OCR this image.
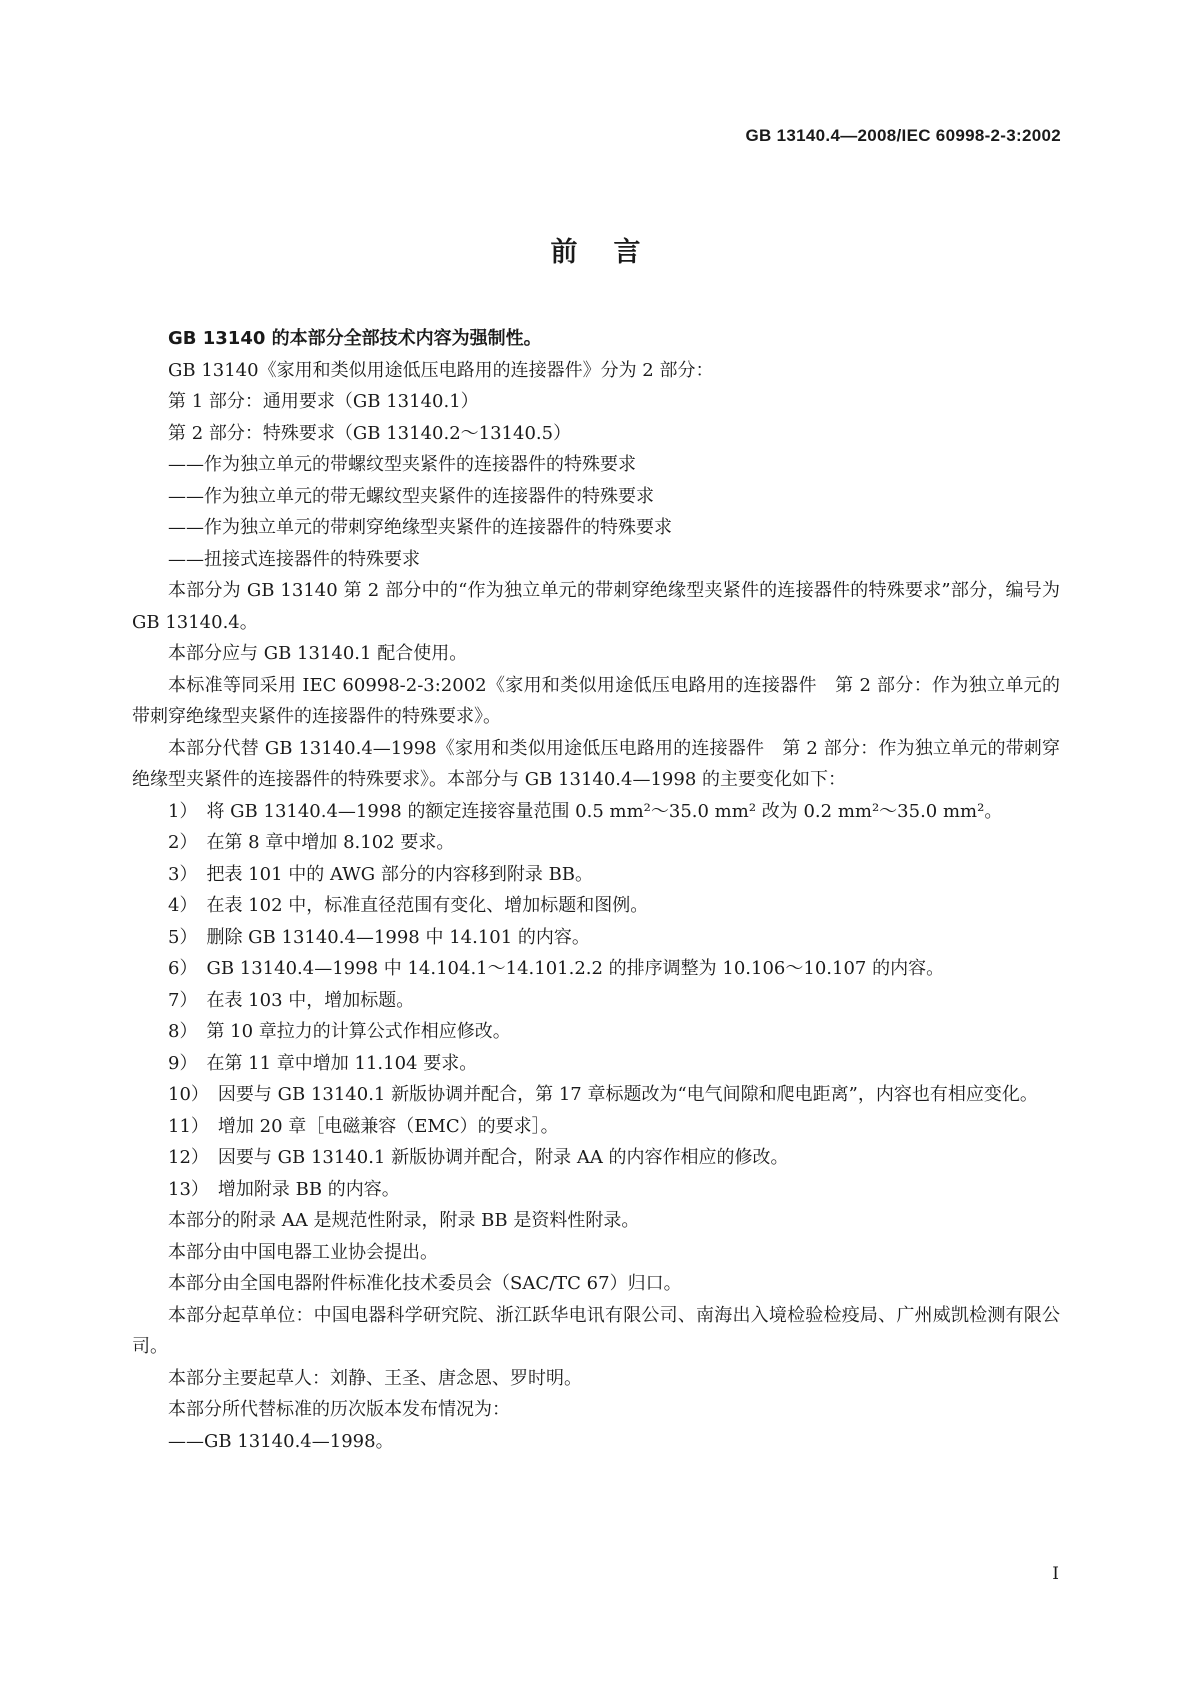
GB 13140.4—2008/IEC 60998-2-3:2002
前言

GB 13140 的本部分全部技术内容为强制性。

GB 13140《家用和类似用途低压电路用的连接器件》分为 2 部分：

第 1 部分：通用要求（GB 13140.1）

第 2 部分：特殊要求（GB 13140.2～13140.5）

——作为独立单元的带螺纹型夹紧件的连接器件的特殊要求

——作为独立单元的带无螺纹型夹紧件的连接器件的特殊要求

——作为独立单元的带刺穿绝缘型夹紧件的连接器件的特殊要求

——扭接式连接器件的特殊要求

本部分为 GB 13140 第 2 部分中的“作为独立单元的带刺穿绝缘型夹紧件的连接器件的特殊要求”部分，编号为 GB 13140.4。

本部分应与 GB 13140.1 配合使用。

本标准等同采用 IEC 60998-2-3:2002《家用和类似用途低压电路用的连接器件　第 2 部分：作为独立单元的带刺穿绝缘型夹紧件的连接器件的特殊要求》。

本部分代替 GB 13140.4—1998《家用和类似用途低压电路用的连接器件　第 2 部分：作为独立单元的带刺穿绝缘型夹紧件的连接器件的特殊要求》。本部分与 GB 13140.4—1998 的主要变化如下：

1）　将 GB 13140.4—1998 的额定连接容量范围 0.5 mm²～35.0 mm² 改为 0.2 mm²～35.0 mm²。

2）　在第 8 章中增加 8.102 要求。

3）　把表 101 中的 AWG 部分的内容移到附录 BB。

4）　在表 102 中，标准直径范围有变化、增加标题和图例。

5）　删除 GB 13140.4—1998 中 14.101 的内容。

6）　GB 13140.4—1998 中 14.104.1～14.101.2.2 的排序调整为 10.106～10.107 的内容。

7）　在表 103 中，增加标题。

8）　第 10 章拉力的计算公式作相应修改。

9）　在第 11 章中增加 11.104 要求。

10）　因要与 GB 13140.1 新版协调并配合，第 17 章标题改为“电气间隙和爬电距离”，内容也有相应变化。

11）　增加 20 章［电磁兼容（EMC）的要求］。

12）　因要与 GB 13140.1 新版协调并配合，附录 AA 的内容作相应的修改。

13）　增加附录 BB 的内容。

本部分的附录 AA 是规范性附录，附录 BB 是资料性附录。

本部分由中国电器工业协会提出。

本部分由全国电器附件标准化技术委员会（SAC/TC 67）归口。

本部分起草单位：中国电器科学研究院、浙江跃华电讯有限公司、南海出入境检验检疫局、广州威凯检测有限公司。

本部分主要起草人：刘静、王圣、唐念恩、罗时明。

本部分所代替标准的历次版本发布情况为：

——GB 13140.4—1998。

I
